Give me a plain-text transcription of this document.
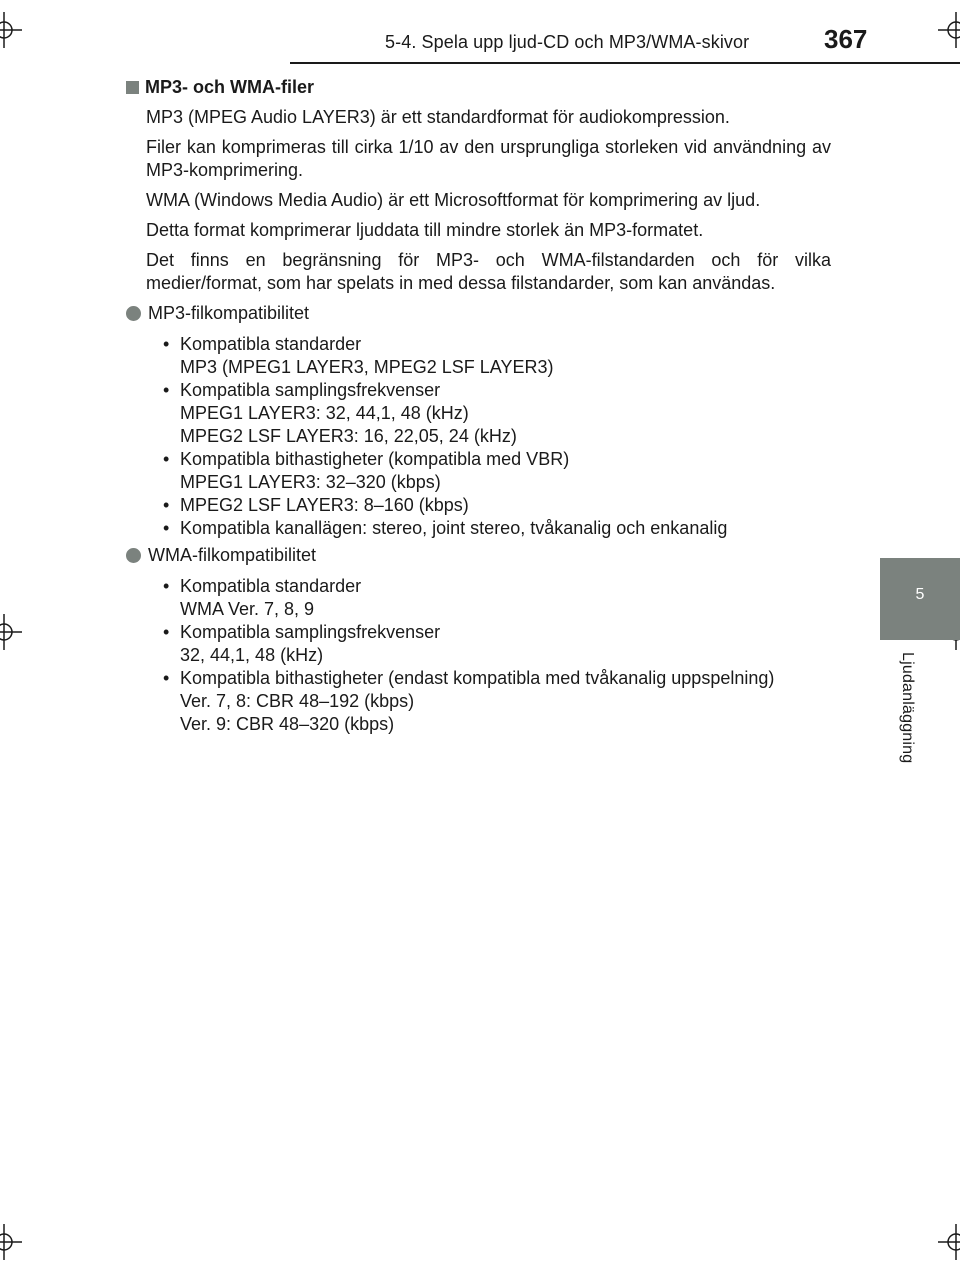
5-4. Spela upp ljud-CD och MP3/WMA-skivor	367
5
Ljudanläggning
MP3- och WMA-filer

MP3 (MPEG Audio LAYER3) är ett standardformat för audiokompression.

Filer kan komprimeras till cirka 1/10 av den ursprungliga storleken vid användning av MP3-komprimering.

WMA (Windows Media Audio) är ett Microsoftformat för komprimering av ljud.

Detta format komprimerar ljuddata till mindre storlek än MP3-formatet.

Det finns en begränsning för MP3- och WMA-filstandarden och för vilka medier/format, som har spelats in med dessa filstandarder, som kan användas.

MP3-filkompatibilitet
• Kompatibla standarder
MP3 (MPEG1 LAYER3, MPEG2 LSF LAYER3)
• Kompatibla samplingsfrekvenser
MPEG1 LAYER3: 32, 44,1, 48 (kHz)
MPEG2 LSF LAYER3: 16, 22,05, 24 (kHz)
• Kompatibla bithastigheter (kompatibla med VBR)
MPEG1 LAYER3: 32–320 (kbps)
• MPEG2 LSF LAYER3: 8–160 (kbps)
• Kompatibla kanallägen: stereo, joint stereo, tvåkanalig och enkanalig
WMA-filkompatibilitet
• Kompatibla standarder
WMA Ver. 7, 8, 9
• Kompatibla samplingsfrekvenser
32, 44,1, 48 (kHz)
• Kompatibla bithastigheter (endast kompatibla med tvåkanalig uppspelning)
Ver. 7, 8: CBR 48–192 (kbps)
Ver. 9: CBR 48–320 (kbps)
